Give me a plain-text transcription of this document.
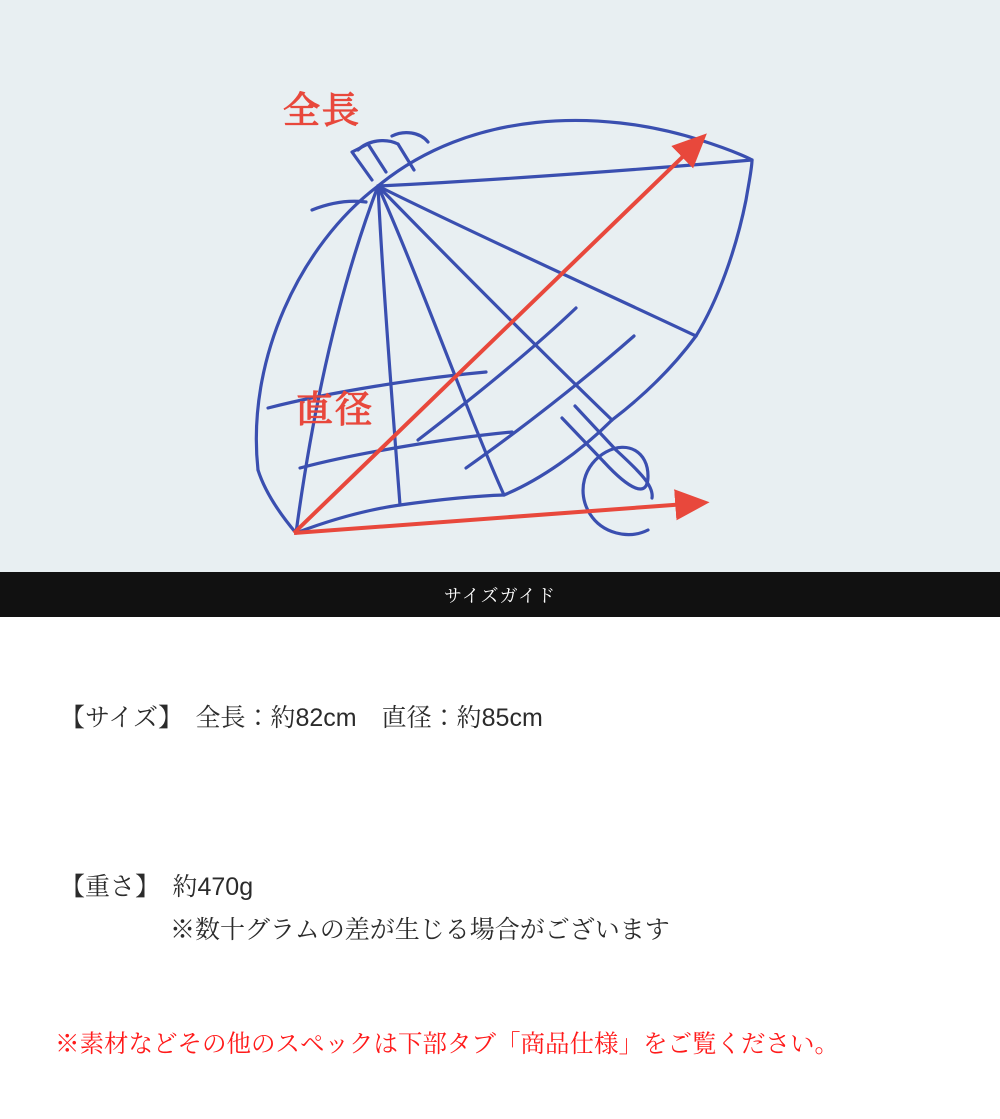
全長
直径
サイズガイド
【サイズ】　全長：約82cm　直径：約85cm
【重さ】　約470g
※数十グラムの差が生じる場合がございます
※素材などその他のスペックは下部タブ「商品仕様」をご覧ください。
